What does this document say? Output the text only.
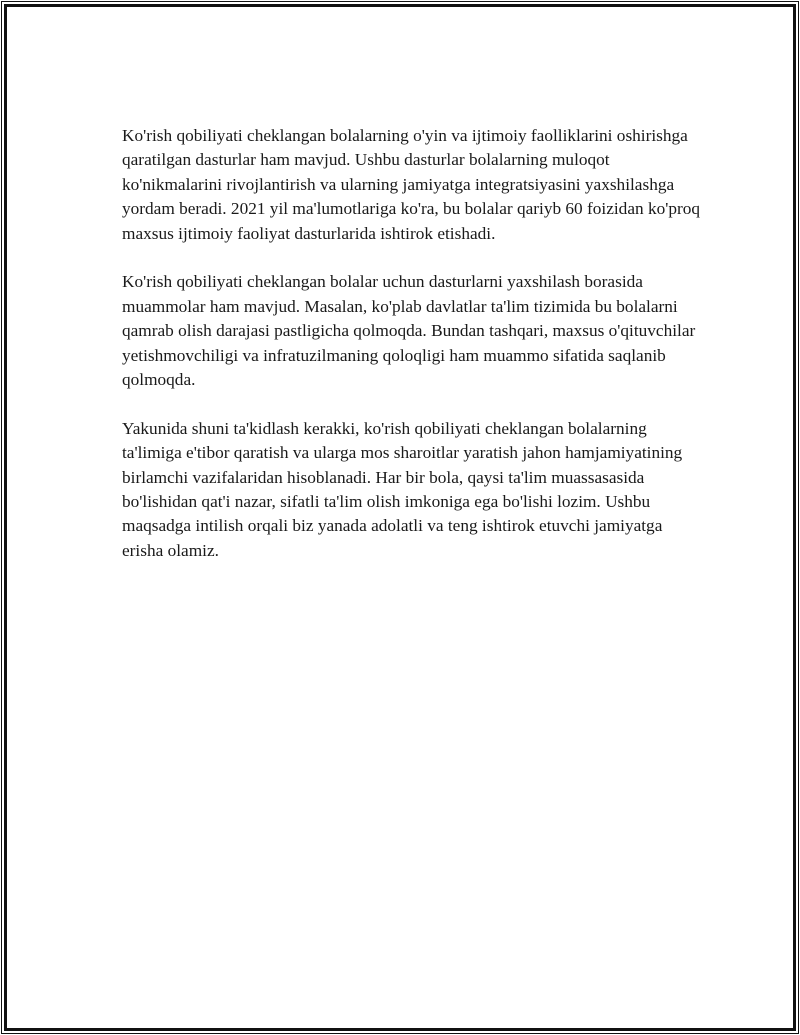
Ko'rish qobiliyati cheklangan bolalarning o'yin va ijtimoiy faolliklarini oshirishga qaratilgan dasturlar ham mavjud. Ushbu dasturlar bolalarning muloqot ko'nikmalarini rivojlantirish va ularning jamiyatga integratsiyasini yaxshilashga yordam beradi. 2021 yil ma'lumotlariga ko'ra, bu bolalar qariyb 60 foizidan ko'proq maxsus ijtimoiy faoliyat dasturlarida ishtirok etishadi.

Ko'rish qobiliyati cheklangan bolalar uchun dasturlarni yaxshilash borasida muammolar ham mavjud. Masalan, ko'plab davlatlar ta'lim tizimida bu bolalarni qamrab olish darajasi pastligicha qolmoqda. Bundan tashqari, maxsus o'qituvchilar yetishmovchiligi va infratuzilmaning qoloqligi ham muammo sifatida saqlanib qolmoqda.

Yakunida shuni ta'kidlash kerakki, ko'rish qobiliyati cheklangan bolalarning ta'limiga e'tibor qaratish va ularga mos sharoitlar yaratish jahon hamjamiyatining birlamchi vazifalaridan hisoblanadi. Har bir bola, qaysi ta'lim muassasasida bo'lishidan qat'i nazar, sifatli ta'lim olish imkoniga ega bo'lishi lozim. Ushbu maqsadga intilish orqali biz yanada adolatli va teng ishtirok etuvchi jamiyatga erisha olamiz.
